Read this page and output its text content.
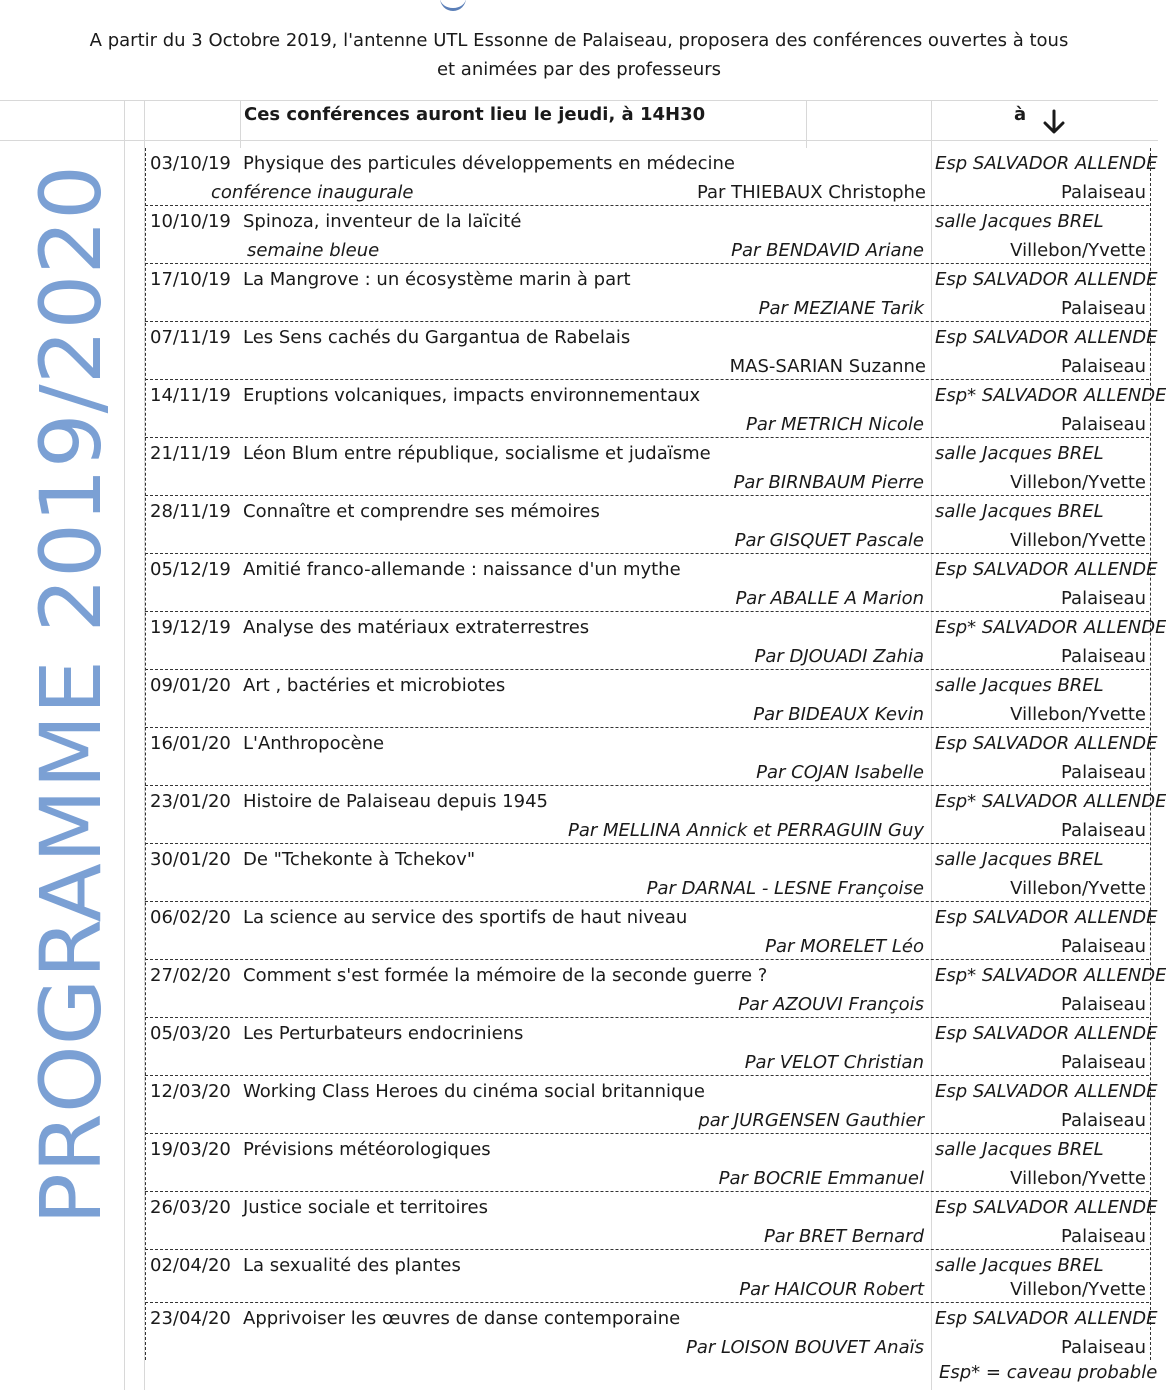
A partir du 3 Octobre 2019, l'antenne UTL Essonne de Palaiseau, proposera des conférences ouvertes à tous
et animées par des professeurs
PROGRAMME 2019/2020
Ces conférences auront lieu le jeudi, à 14H30	à
03/10/19 Physique des particules développements en médecine	Esp SALVADOR ALLENDE
conférence inaugurale	Par THIEBAUX Christophe	Palaiseau
10/10/19 Spinoza, inventeur de la laïcité	salle Jacques BREL
semaine bleue	Par BENDAVID Ariane	Villebon/Yvette
17/10/19 La Mangrove : un écosystème marin à part	Esp SALVADOR ALLENDE
Par MEZIANE Tarik	Palaiseau
07/11/19 Les Sens cachés du Gargantua de Rabelais	Esp SALVADOR ALLENDE
MAS-SARIAN Suzanne	Palaiseau
14/11/19 Eruptions volcaniques, impacts environnementaux	Esp* SALVADOR ALLENDE
Par METRICH Nicole	Palaiseau
21/11/19 Léon Blum entre république, socialisme et judaïsme	salle Jacques BREL
Par BIRNBAUM Pierre	Villebon/Yvette
28/11/19 Connaître et comprendre ses mémoires	salle Jacques BREL
Par GISQUET Pascale	Villebon/Yvette
05/12/19 Amitié franco-allemande : naissance d'un mythe	Esp SALVADOR ALLENDE
Par ABALLE A Marion	Palaiseau
19/12/19 Analyse des matériaux extraterrestres	Esp* SALVADOR ALLENDE
Par DJOUADI Zahia	Palaiseau
09/01/20 Art , bactéries et microbiotes	salle Jacques BREL
Par BIDEAUX Kevin	Villebon/Yvette
16/01/20 L'Anthropocène	Esp SALVADOR ALLENDE
Par COJAN Isabelle	Palaiseau
23/01/20 Histoire de Palaiseau depuis 1945	Esp* SALVADOR ALLENDE
Par MELLINA Annick et PERRAGUIN Guy	Palaiseau
30/01/20 De "Tchekonte à Tchekov"	salle Jacques BREL
Par DARNAL - LESNE Françoise	Villebon/Yvette
06/02/20 La science au service des sportifs de haut niveau	Esp SALVADOR ALLENDE
Par MORELET Léo	Palaiseau
27/02/20 Comment s'est formée la mémoire de la seconde guerre ?	Esp* SALVADOR ALLENDE
Par AZOUVI François	Palaiseau
05/03/20 Les Perturbateurs endocriniens	Esp SALVADOR ALLENDE
Par VELOT Christian	Palaiseau
12/03/20 Working Class Heroes du cinéma social britannique	Esp SALVADOR ALLENDE
par JURGENSEN Gauthier	Palaiseau
19/03/20 Prévisions météorologiques	salle Jacques BREL
Par BOCRIE Emmanuel	Villebon/Yvette
26/03/20 Justice sociale et territoires	Esp SALVADOR ALLENDE
Par BRET Bernard	Palaiseau
02/04/20 La sexualité des plantes	salle Jacques BREL
Par HAICOUR Robert	Villebon/Yvette
23/04/20 Apprivoiser les œuvres de danse contemporaine	Esp SALVADOR ALLENDE
Par LOISON BOUVET Anaïs	Palaiseau
Esp* = caveau probable
